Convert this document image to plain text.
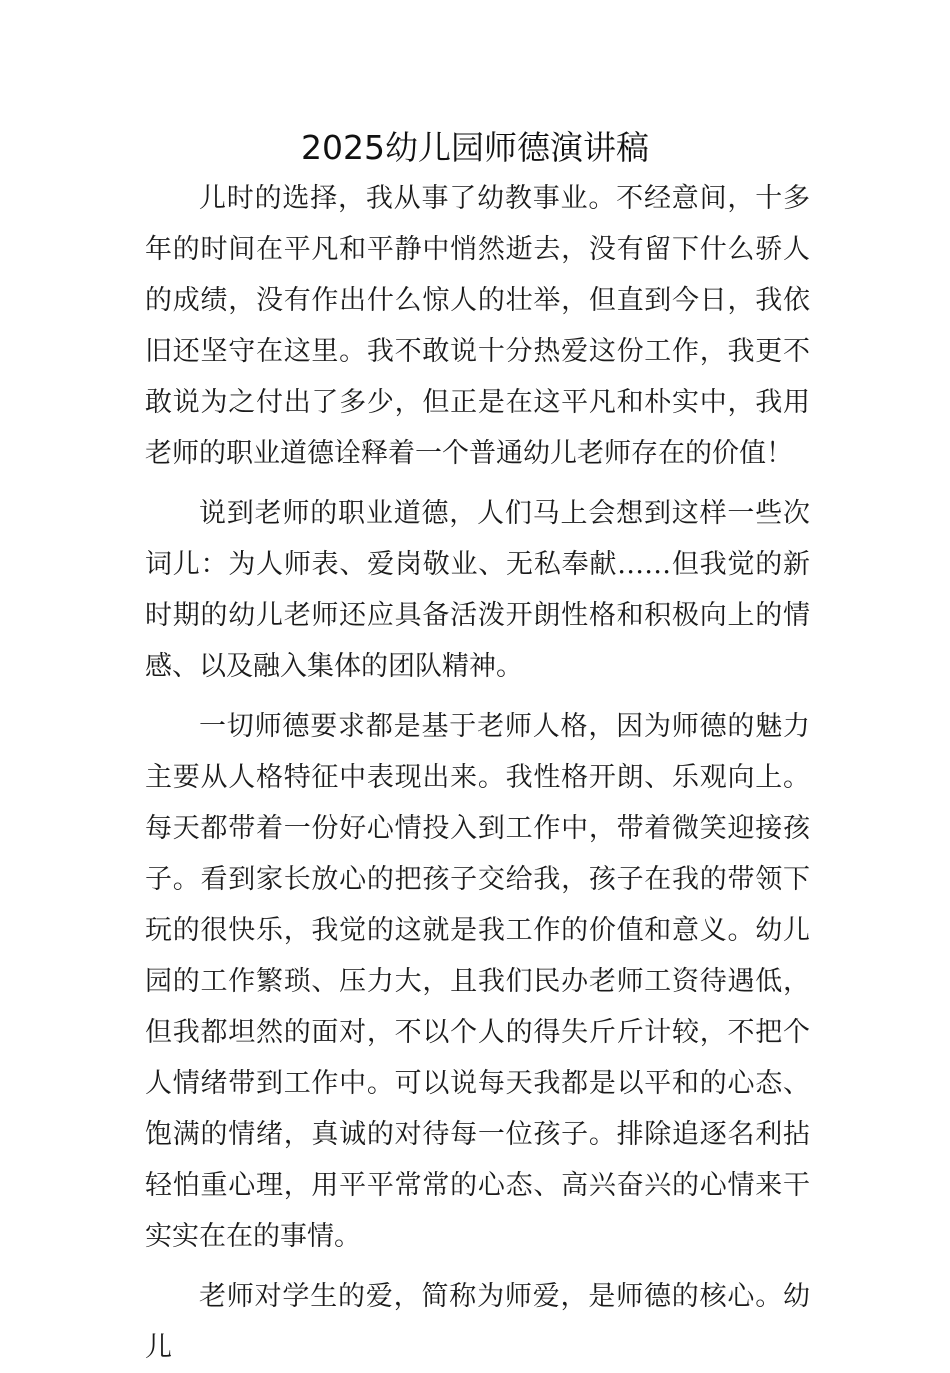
2025幼儿园师德演讲稿

儿时的选择，我从事了幼教事业。不经意间，十多年的时间在平凡和平静中悄然逝去，没有留下什么骄人的成绩，没有作出什么惊人的壮举，但直到今日，我依旧还坚守在这里。我不敢说十分热爱这份工作，我更不敢说为之付出了多少，但正是在这平凡和朴实中，我用老师的职业道德诠释着一个普通幼儿老师存在的价值！

说到老师的职业道德，人们马上会想到这样一些次词儿：为人师表、爱岗敬业、无私奉献……但我觉的新时期的幼儿老师还应具备活泼开朗性格和积极向上的情感、以及融入集体的团队精神。

一切师德要求都是基于老师人格，因为师德的魅力主要从人格特征中表现出来。我性格开朗、乐观向上。每天都带着一份好心情投入到工作中，带着微笑迎接孩子。看到家长放心的把孩子交给我，孩子在我的带领下玩的很快乐，我觉的这就是我工作的价值和意义。幼儿园的工作繁琐、压力大，且我们民办老师工资待遇低，但我都坦然的面对，不以个人的得失斤斤计较，不把个人情绪带到工作中。可以说每天我都是以平和的心态、饱满的情绪，真诚的对待每一位孩子。排除追逐名利拈轻怕重心理，用平平常常的心态、高兴奋兴的心情来干实实在在的事情。

老师对学生的爱，简称为师爱，是师德的核心。幼儿
